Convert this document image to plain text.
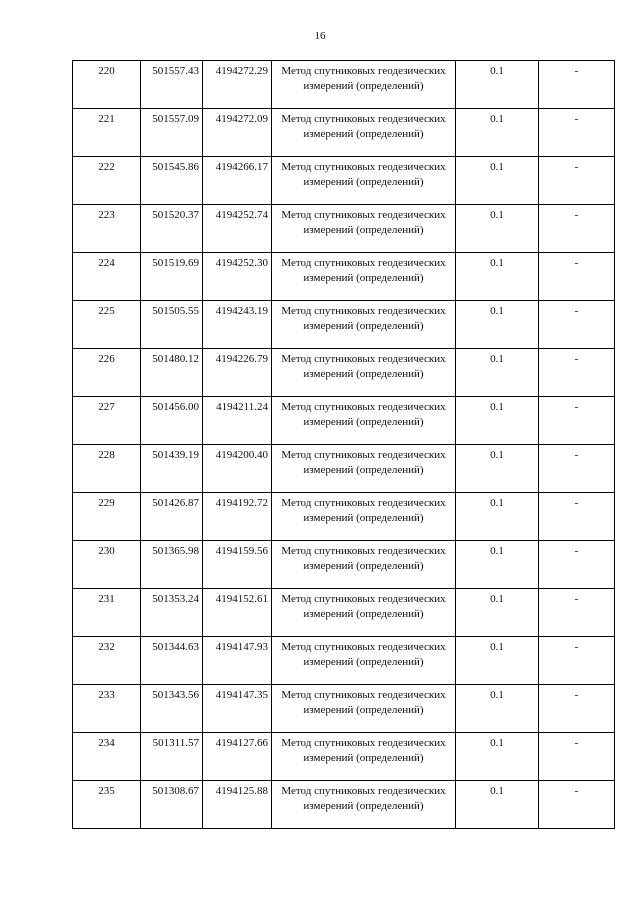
16
220	501557.43	4194272.29	Метод спутниковых геодезических измерений (определений)	0.1	-
221	501557.09	4194272.09	Метод спутниковых геодезических измерений (определений)	0.1	-
222	501545.86	4194266.17	Метод спутниковых геодезических измерений (определений)	0.1	-
223	501520.37	4194252.74	Метод спутниковых геодезических измерений (определений)	0.1	-
224	501519.69	4194252.30	Метод спутниковых геодезических измерений (определений)	0.1	-
225	501505.55	4194243.19	Метод спутниковых геодезических измерений (определений)	0.1	-
226	501480.12	4194226.79	Метод спутниковых геодезических измерений (определений)	0.1	-
227	501456.00	4194211.24	Метод спутниковых геодезических измерений (определений)	0.1	-
228	501439.19	4194200.40	Метод спутниковых геодезических измерений (определений)	0.1	-
229	501426.87	4194192.72	Метод спутниковых геодезических измерений (определений)	0.1	-
230	501365.98	4194159.56	Метод спутниковых геодезических измерений (определений)	0.1	-
231	501353.24	4194152.61	Метод спутниковых геодезических измерений (определений)	0.1	-
232	501344.63	4194147.93	Метод спутниковых геодезических измерений (определений)	0.1	-
233	501343.56	4194147.35	Метод спутниковых геодезических измерений (определений)	0.1	-
234	501311.57	4194127.66	Метод спутниковых геодезических измерений (определений)	0.1	-
235	501308.67	4194125.88	Метод спутниковых геодезических измерений (определений)	0.1	-
